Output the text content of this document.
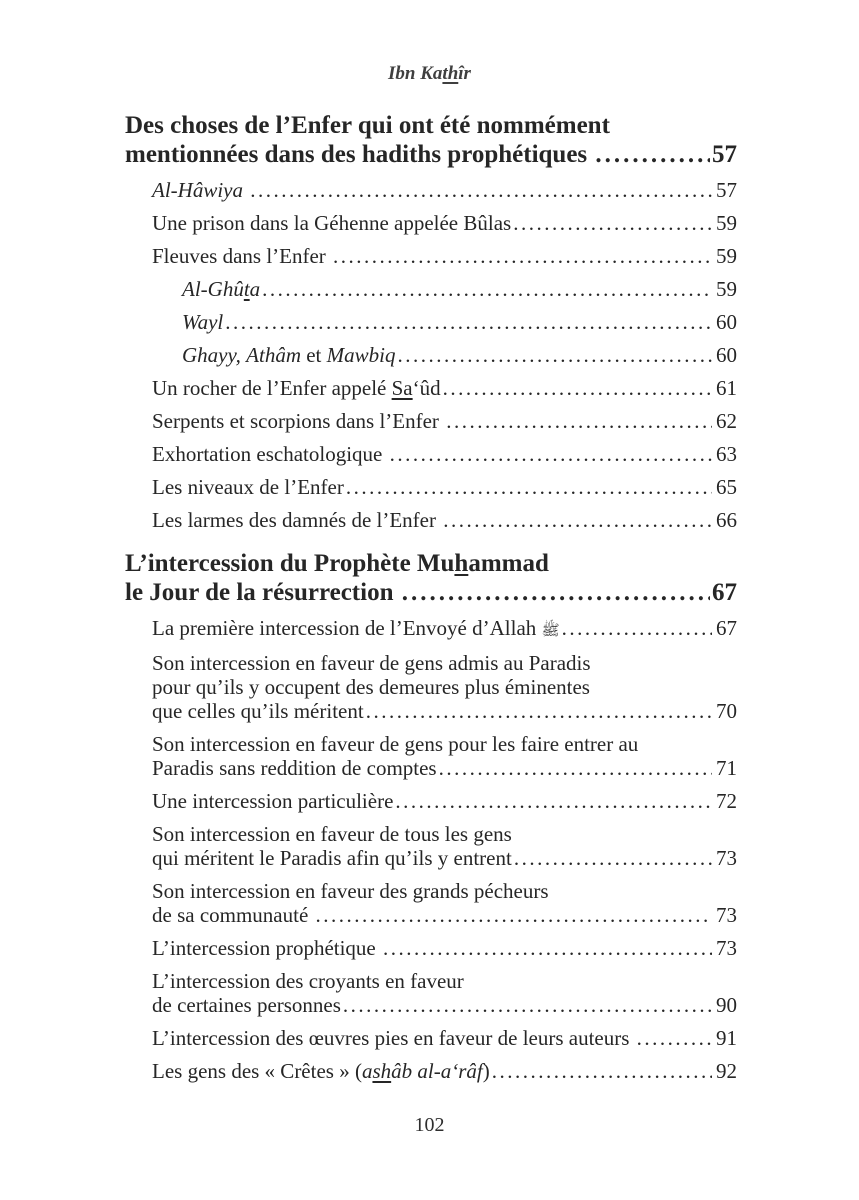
Ibn Kathîr
Des choses de l’Enfer qui ont été nommément
mentionnées dans des hadiths prophétiques .....	57
Al-Hâwiya .....	57
Une prison dans la Géhenne appelée Bûlas .....	59
Fleuves dans l’Enfer .....	59
Al-Ghûta .....	59
Wayl .....	60
Ghayy, Athâm et Mawbiq .....	60
Un rocher de l’Enfer appelé Sa‘ûd .....	61
Serpents et scorpions dans l’Enfer .....	62
Exhortation eschatologique .....	63
Les niveaux de l’Enfer .....	65
Les larmes des damnés de l’Enfer .....	66
L’intercession du Prophète Muhammad
le Jour de la résurrection .....	67
La première intercession de l’Envoyé d’Allah ﷺ .....	67
Son intercession en faveur de gens admis au Paradis
pour qu’ils y occupent des demeures plus éminentes
que celles qu’ils méritent .....	70
Son intercession en faveur de gens pour les faire entrer au
Paradis sans reddition de comptes .....	71
Une intercession particulière .....	72
Son intercession en faveur de tous les gens
qui méritent le Paradis afin qu’ils y entrent .....	73
Son intercession en faveur des grands pécheurs
de sa communauté .....	73
L’intercession prophétique .....	73
L’intercession des croyants en faveur
de certaines personnes .....	90
L’intercession des œuvres pies en faveur de leurs auteurs .....	91
Les gens des « Crêtes » (ashâb al-a‘râf) .....	92
102
